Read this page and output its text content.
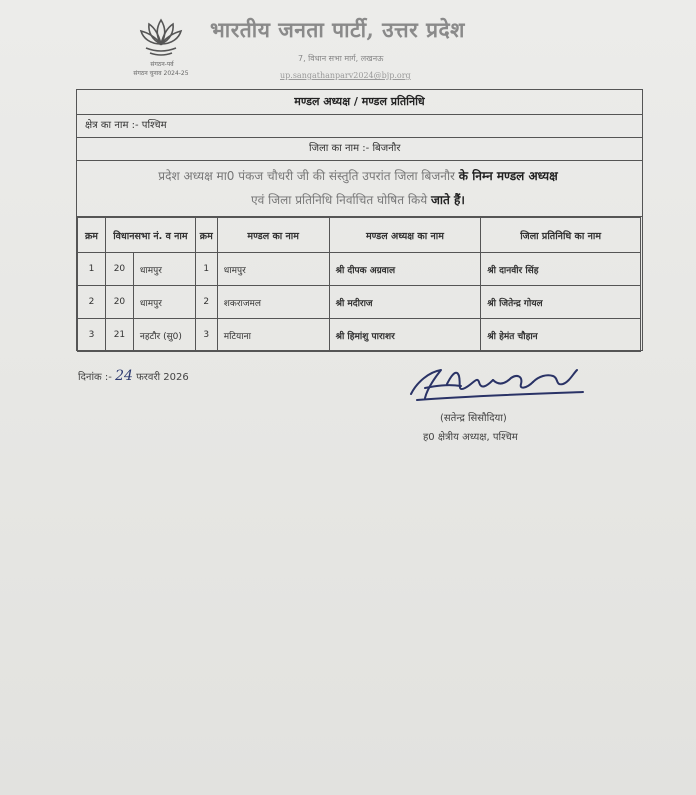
संगठन-पर्व
संगठन चुनाव 2024-25
भारतीय जनता पार्टी, उत्तर प्रदेश
7, विधान सभा मार्ग, लखनऊ
up.sangathanparv2024@bjp.org
मण्डल अध्यक्ष / मण्डल प्रतिनिधि
क्षेत्र का नाम :- पश्चिम
जिला का नाम :- बिजनौर
प्रदेश अध्यक्ष मा0 पंकज चौधरी जी की संस्तुति उपरांत जिला बिजनौर के निम्न मण्डल अध्यक्ष
एवं जिला प्रतिनिधि निर्वाचित घोषित किये जाते हैं।
क्रम	विधानसभा नं. व नाम		क्रम	मण्डल का नाम	मण्डल अध्यक्ष का नाम	जिला प्रतिनिधि का नाम
1	20	धामपुर	1	धामपुर	श्री दीपक अग्रवाल	श्री दानवीर सिंह
2	20	धामपुर	2	शकराजमल	श्री मदीराज	श्री जितेन्द्र गोयल
3	21	नहटौर (सु0)	3	मटियाना	श्री हिमांशु पाराशर	श्री हेमंत चौहान
दिनांक :- 24 फरवरी 2026
(सतेन्द्र सिसौदिया)
ह0 क्षेत्रीय अध्यक्ष, पश्चिम
